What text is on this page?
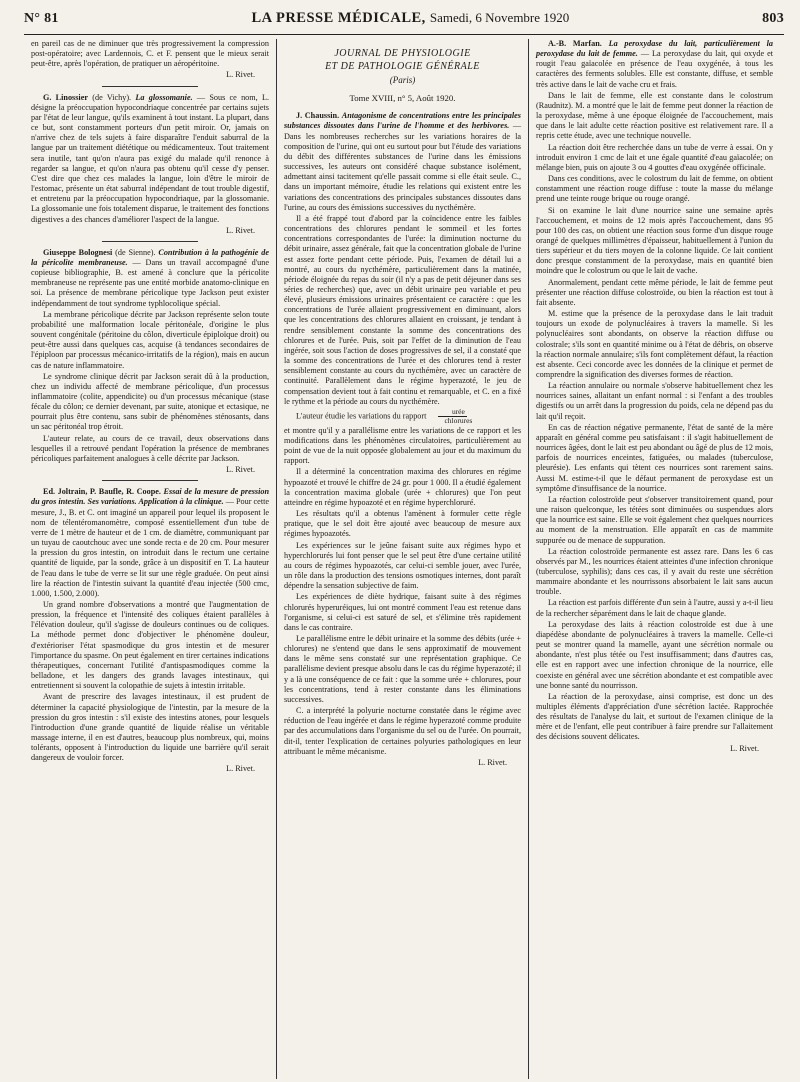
N° 81	LA PRESSE MÉDICALE, Samedi, 6 Novembre 1920	803

en pareil cas de ne diminuer que très progressivement la compression post-opératoire; avec Lardennois, C. et F. pensent que le mieux serait peut-être, après l'opération, de pratiquer un aéropéritoine.

L. Rivet.

G. Linossier (de Vichy). La glossomanie. — Sous ce nom, L. désigne la préoccupation hypocondriaque concentrée par certains sujets par l'état de leur langue, qu'ils examinent à tout instant. La plupart, dans ce but, sont constamment porteurs d'un petit miroir. Or, jamais on n'arrive chez de tels sujets à faire disparaître l'enduit saburral de la langue par un traitement diététique ou médicamenteux. Tout traitement sera inutile, tant qu'on n'aura pas exigé du malade qu'il renonce à regarder sa langue, et qu'on n'aura pas obtenu qu'il cesse d'y penser. C'est dire que chez ces malades la langue, loin d'être le miroir de l'estomac, présente un état saburral indépendant de tout trouble digestif, et entretenu par la préoccupation hypocondriaque, par la glossomanie. La glossomanie une fois totalement disparue, le traitement des fonctions digestives a des chances d'améliorer l'aspect de la langue.

L. Rivet.

Giuseppe Bolognesi (de Sienne). Contribution à la pathogénie de la péricolite membraneuse. — Dans un travail accompagné d'une copieuse bibliographie, B. est amené à conclure que la péricolite membraneuse ne représente pas une entité morbide anatomo-clinique en soi. La présence de membrane péricolique type Jackson peut exister indépendamment de tout syndrome typhlocolique spécial.

La membrane péricolique décrite par Jackson représente selon toute probabilité une malformation locale péritonéale, d'origine le plus souvent congénitale (péritoine du côlon, diverticule épiploïque droit) ou peut-être aussi dans quelques cas, acquise (à tendances secondaires de l'épiploon par processus mécanico-irritatifs de la région), mais en aucun cas de nature inflammatoire.

Le syndrome clinique décrit par Jackson serait dû à la production, chez un individu affecté de membrane péricolique, d'un processus inflammatoire (colite, appendicite) ou d'un processus mécanique (stase fécale du côlon; ce dernier devenant, par suite, atonique et ectasique, ne pourrait plus être contenu, sans subir de phénomènes sténosants, dans un sac péritonéal trop étroit.

L'auteur relate, au cours de ce travail, deux observations dans lesquelles il a retrouvé pendant l'opération la présence de membranes péricoliques parfaitement analogues à celle décrite par Jackson.

L. Rivet.

Ed. Joltrain, P. Baufle, R. Coope. Essai de la mesure de pression du gros intestin. Ses variations. Application à la clinique. — Pour cette mesure, J., B. et C. ont imaginé un appareil pour lequel ils proposent le nom de télentéromanomètre, composé essentiellement d'un tube de verre de 1 mètre de hauteur et de 1 cm. de diamètre, communiquant par un tuyau de caoutchouc avec une sonde recta e de 20 cm. Pour mesurer la pression du gros intestin, on introduit dans le rectum une certaine quantité de liquide, par la sonde, grâce à un dispositif en T. La hauteur de l'eau dans le tube de verre se lit sur une règle graduée. On peut ainsi lire la réaction de l'intestin suivant la quantité d'eau injectée (500 cmc, 1.000, 1.500, 2.000).

Un grand nombre d'observations a montré que l'augmentation de pression, la fréquence et l'intensité des coliques étaient parallèles à l'élévation douleur, qu'il s'agisse de douleurs continues ou de coliques. La méthode permet donc d'objectiver le phénomène douleur, d'extérioriser l'état spasmodique du gros intestin et de mesurer l'importance du spasme. On peut également en tirer certaines indications thérapeutiques, concernant l'utilité d'antispasmodiques comme la belladone, et les dangers des grands lavages intestinaux, qui entretiennent si souvent la colopathie de sujets à intestin irritable.

Avant de prescrire des lavages intestinaux, il est prudent de déterminer la capacité physiologique de l'intestin, par la mesure de la pression du gros intestin : s'il existe des intestins atones, pour lesquels l'introduction d'une grande quantité de liquide réalise un véritable massage interne, il en est d'autres, beaucoup plus nombreux, qui, moins tolérants, opposent à l'introduction du liquide une barrière qu'il serait dangereux de vouloir forcer.

L. Rivet.
JOURNAL DE PHYSIOLOGIE
ET DE PATHOLOGIE GÉNÉRALE
(Paris)
Tome XVIII, n° 5, Août 1920.

J. Chaussin. Antagonisme de concentrations entre les principales substances dissoutes dans l'urine de l'homme et des herbivores. — Dans les nombreuses recherches sur les variations horaires de la composition de l'urine, qui ont eu surtout pour but l'étude des variations du débit des différentes substances de l'urine dans les émissions successives, les auteurs ont considéré chaque substance isolément, admettant ainsi tacitement qu'elle passait comme si elle était seule. C., dans un important mémoire, étudie les relations qui existent entre les variations des concentrations des principales substances dissoutes dans l'urine, au cours des émissions successives du nycthémère.

Il a été frappé tout d'abord par la coïncidence entre les faibles concentrations des chlorures pendant le sommeil et les fortes concentrations correspondantes de l'urée: la diminution nocturne du débit urinaire, assez générale, fait que la concentration globale de l'urine est assez forte pendant cette période. Puis, l'examen de détail lui a montré, au cours du nycthémère, particulièrement dans la matinée, période éloignée du repas du soir (il n'y a pas de petit déjeuner dans ses séries de recherches) que, avec un débit urinaire peu variable et peu élevé, plusieurs émissions urinaires présentaient ce caractère : que les concentrations de l'urée allaient progressivement en diminuant, alors que les concentrations des chlorures allaient en croissant, je tendant à rendre sensiblement constante la somme des concentrations des chlorures et de l'urée. Puis, soit par l'effet de la diminution de l'eau ingérée, soit sous l'action de doses progressives de sel, il a constaté que la somme des concentrations de l'urée et des chlorures tend à rester sensiblement constante au cours du nycthémère, avec un caractère de continuité. Parallèlement dans le régime hyperazoté, le jeu de compensation devient tout à fait continu et remarquable, et C. en a fixé le rythme et la période au cours du nycthémère.

L'auteur étudie les variations du rapport $\frac{\text{urée}}{\text{chlorures}}$

et montre qu'il y a parallélisme entre les variations de ce rapport et les modifications dans les phénomènes circulatoires, particulièrement au point de vue de la nuit opposée globalement au jour et du maximum du rapport.

Il a déterminé la concentration maxima des chlorures en régime hypoazoté et trouvé le chiffre de 24 gr. pour 1 000. Il a étudié également la concentration maxima globale (urée + chlorures) que l'on peut atteindre en régime hypoazoté et en régime hyperchloruré.

Les résultats qu'il a obtenus l'amènent à formuler cette règle pratique, que le sel doit être ajouté avec beaucoup de mesure aux régimes hypoazotés.

Les expériences sur le jeûne faisant suite aux régimes hypo et hyperchlorurés lui font penser que le sel peut être d'une certaine utilité au cours de régimes hypoazotés, car celui-ci semble jouer, avec l'urée, un rôle dans la production des tensions osmotiques internes, dont paraît dépendre la sensation subjective de faim.

Les expériences de diète hydrique, faisant suite à des régimes chlorurés hyperuréiques, lui ont montré comment l'eau est retenue dans l'organisme, si celui-ci est saturé de sel, et s'élimine très rapidement dans le cas contraire.

Le parallélisme entre le débit urinaire et la somme des débits (urée + chlorures) ne s'entend que dans le sens approximatif de mouvement dans le même sens constaté sur une représentation graphique. Ce parallélisme devient presque absolu dans le cas du régime hyperazoté; il y a là une conséquence de ce fait : que la somme urée + chlorures, pour les concentrations, tend à rester constante dans les éliminations successives.

C. a interprété la polyurie nocturne constatée dans le régime avec réduction de l'eau ingérée et dans le régime hyperazoté comme produite par des accumulations dans l'organisme du sel ou de l'urée. On pourrait, dit-il, tenter l'explication de certaines polyuries pathologiques en leur attribuant le même mécanisme.

L. Rivet.

A.-B. Marfan. La peroxydase du lait, particulièrement la peroxydase du lait de femme. — La peroxydase du lait, qui oxyde et rougit l'eau gaïacolée en présence de l'eau oxygénée, à tous les caractères des ferments solubles. Elle est constante, diffuse, et semble très active dans le lait de vache cru et frais.

Dans le lait de femme, elle est constante dans le colostrum (Raudnitz). M. a montré que le lait de femme peut donner la réaction de la peroxydase, même à une époque éloignée de l'accouchement, mais que dans le lait adulte cette réaction positive est relativement rare. Il a repris cette étude, avec une technique nouvelle.

La réaction doit être recherchée dans un tube de verre à essai. On y introduit environ 1 cmc de lait et une égale quantité d'eau gaïacolée; on mélange bien, puis on ajoute 3 ou 4 gouttes d'eau oxygénée officinale.

Dans ces conditions, avec le colostrum du lait de femme, on obtient constamment une réaction rouge diffuse : toute la masse du mélange prend une teinte rouge brique ou rouge orangé.

Si on examine le lait d'une nourrice saine une semaine après l'accouchement, et moins de 12 mois après l'accouchement, dans 95 pour 100 des cas, on obtient une réaction sous forme d'un disque rouge orangé de quelques millimètres d'épaisseur, habituellement à l'union du tiers supérieur et du tiers moyen de la colonne liquide. Ce lait contient donc presque constamment de la peroxydase, mais en quantité bien moindre que le colostrum ou que le lait de vache.

Anormalement, pendant cette même période, le lait de femme peut présenter une réaction diffuse colostroïde, ou bien la réaction est tout à fait absente.

M. estime que la présence de la peroxydase dans le lait traduit toujours un exode de polynucléaires à travers la mamelle. Si les polynucléaires sont abondants, on observe la réaction diffuse ou colostrale; s'ils sont en quantité minime ou à l'état de débris, on observe la réaction normale annulaire; s'ils font complètement défaut, la réaction est absente. Ceci concorde avec les données de la clinique et permet de comprendre la signification des diverses formes de réaction.

La réaction annulaire ou normale s'observe habituellement chez les nourrices saines, allaitant un enfant normal : si l'enfant a des troubles digestifs ou un arrêt dans la progression du poids, cela ne dépend pas du lait qu'il reçoit.

En cas de réaction négative permanente, l'état de santé de la mère apparaît en général comme peu satisfaisant : il s'agit habituellement de nourrices âgées, dont le lait est peu abondant ou âgé de plus de 12 mois, parfois de nourrices enceintes, fatiguées, ou malades (tuberculose, pleurésie). Les enfants qui tètent ces nourrices sont rarement sains. Aussi M. estime-t-il que le défaut permanent de peroxydase est un symptôme d'insuffisance de la nourrice.

La réaction colostroïde peut s'observer transitoirement quand, pour une raison quelconque, les tétées sont diminuées ou suspendues alors que la nourrice est saine. Elle se voit également chez quelques nourrices au moment de la menstruation. Elle apparaît en cas de mammite suppurée ou de menace de suppuration.

La réaction colostroïde permanente est assez rare. Dans les 6 cas observés par M., les nourrices étaient atteintes d'une infection chronique (tuberculose, syphilis); dans ces cas, il y avait du reste une sécrétion mammaire abondante et les nourrissons absorbaient le lait sans aucun trouble.

La réaction est parfois différente d'un sein à l'autre, aussi y a-t-il lieu de la rechercher séparément dans le lait de chaque glande.

La peroxydase des laits à réaction colostroïde est due à une diapédèse abondante de polynucléaires à travers la mamelle. Celle-ci peut se montrer quand la mamelle, ayant une sécrétion normale ou abondante, n'est plus tétée ou l'est insuffisamment; dans d'autres cas, elle est en rapport avec une infection chronique de la nourrice, elle coexiste en général avec une sécrétion abondante et est compatible avec une bonne santé du nourrisson.

La réaction de la peroxydase, ainsi comprise, est donc un des multiples éléments d'appréciation d'une sécrétion lactée. Rapprochée des résultats de l'analyse du lait, et surtout de l'examen clinique de la mère et de l'enfant, elle peut contribuer à faire prendre sur l'allaitement des décisions souvent délicates.

L. Rivet.
